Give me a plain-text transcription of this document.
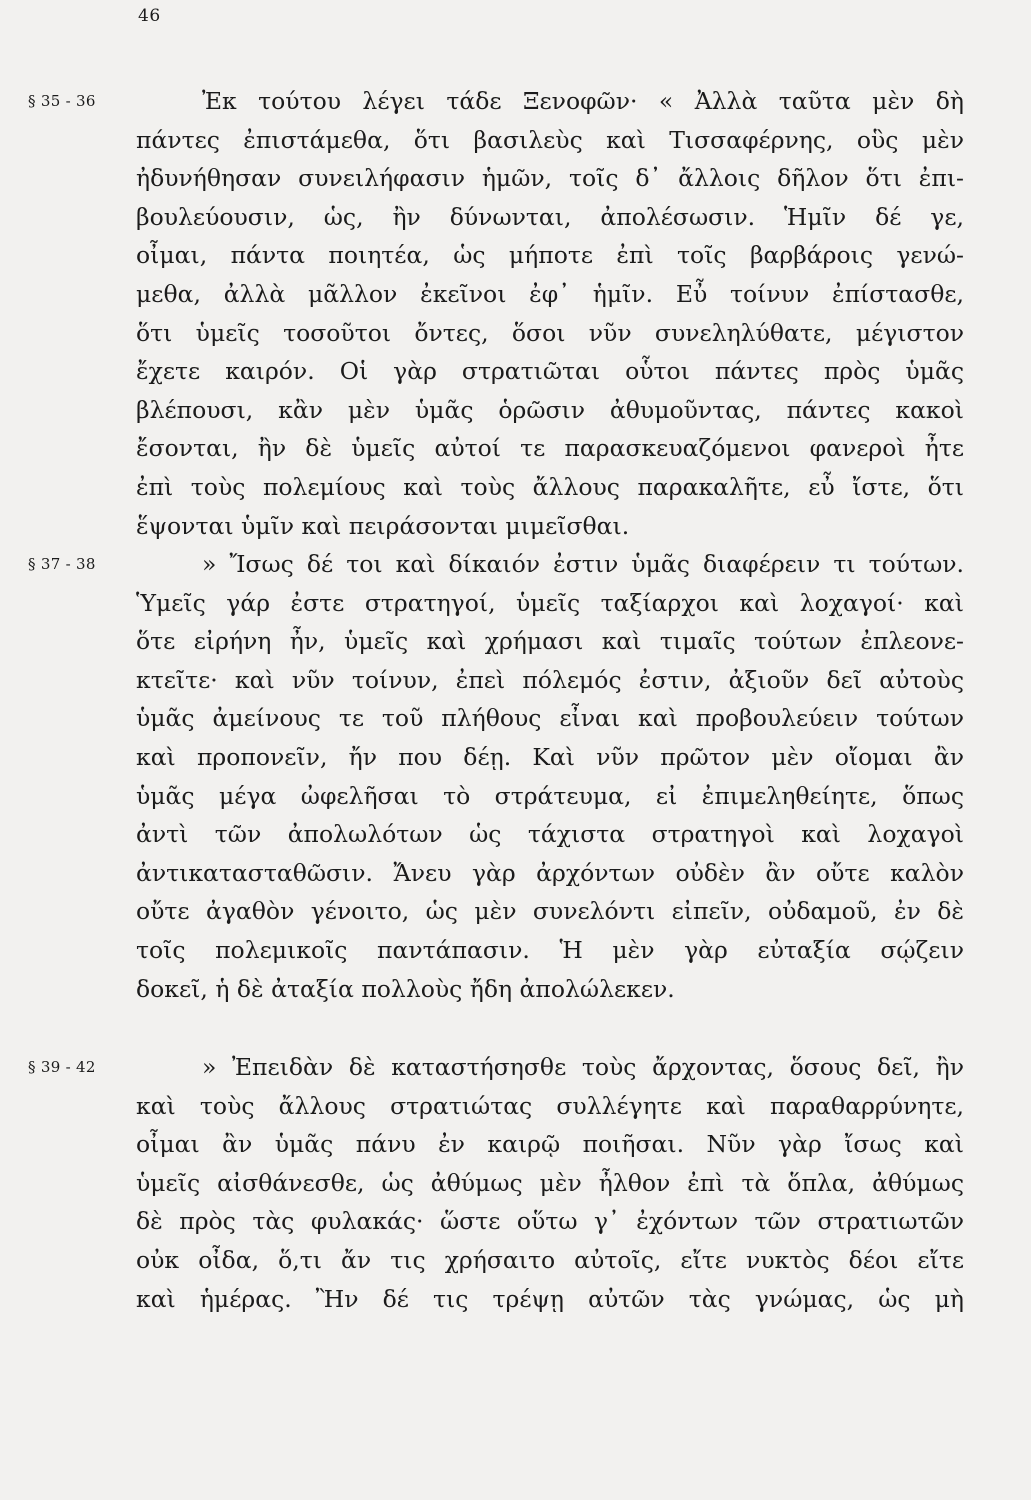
46
§ 35 - 36	Ἐκ τούτου λέγει τάδε Ξενοφῶν· « Ἀλλὰ ταῦτα μὲν δὴ
πάντες ἐπιστάμεθα, ὅτι βασιλεὺς καὶ Τισσαφέρνης, οὓς μὲν
ἠδυνήθησαν συνειλήφασιν ἡμῶν, τοῖς δ᾽ ἄλλοις δῆλον ὅτι ἐπι-
βουλεύουσιν, ὡς, ἢν δύνωνται, ἀπολέσωσιν. Ἡμῖν δέ γε,
οἶμαι, πάντα ποιητέα, ὡς μήποτε ἐπὶ τοῖς βαρβάροις γενώ-
μεθα, ἀλλὰ μᾶλλον ἐκεῖνοι ἐφ᾽ ἡμῖν. Εὖ τοίνυν ἐπίστασθε,
ὅτι ὑμεῖς τοσοῦτοι ὄντες, ὅσοι νῦν συνεληλύθατε, μέγιστον
ἔχετε καιρόν. Οἱ γὰρ στρατιῶται οὗτοι πάντες πρὸς ὑμᾶς
βλέπουσι, κἂν μὲν ὑμᾶς ὁρῶσιν ἀθυμοῦντας, πάντες κακοὶ
ἔσονται, ἢν δὲ ὑμεῖς αὐτοί τε παρασκευαζόμενοι φανεροὶ ἦτε
ἐπὶ τοὺς πολεμίους καὶ τοὺς ἄλλους παρακαλῆτε, εὖ ἴστε, ὅτι
ἕψονται ὑμῖν καὶ πειράσονται μιμεῖσθαι.
§ 37 - 38	» Ἴσως δέ τοι καὶ δίκαιόν ἐστιν ὑμᾶς διαφέρειν τι τούτων.
Ὑμεῖς γάρ ἐστε στρατηγοί, ὑμεῖς ταξίαρχοι καὶ λοχαγοί· καὶ
ὅτε εἰρήνη ἦν, ὑμεῖς καὶ χρήμασι καὶ τιμαῖς τούτων ἐπλεονε-
κτεῖτε· καὶ νῦν τοίνυν, ἐπεὶ πόλεμός ἐστιν, ἀξιοῦν δεῖ αὐτοὺς
ὑμᾶς ἀμείνους τε τοῦ πλήθους εἶναι καὶ προβουλεύειν τούτων
καὶ προπονεῖν, ἤν που δέῃ. Καὶ νῦν πρῶτον μὲν οἴομαι ἂν
ὑμᾶς μέγα ὠφελῆσαι τὸ στράτευμα, εἰ ἐπιμεληθείητε, ὅπως
ἀντὶ τῶν ἀπολωλότων ὡς τάχιστα στρατηγοὶ καὶ λοχαγοὶ
ἀντικατασταθῶσιν. Ἄνευ γὰρ ἀρχόντων οὐδὲν ἂν οὔτε καλὸν
οὔτε ἀγαθὸν γένοιτο, ὡς μὲν συνελόντι εἰπεῖν, οὐδαμοῦ, ἐν δὲ
τοῖς πολεμικοῖς παντάπασιν. Ἡ μὲν γὰρ εὐταξία σῴζειν
δοκεῖ, ἡ δὲ ἀταξία πολλοὺς ἤδη ἀπολώλεκεν.
§ 39 - 42	» Ἐπειδὰν δὲ καταστήσησθε τοὺς ἄρχοντας, ὅσους δεῖ, ἢν
καὶ τοὺς ἄλλους στρατιώτας συλλέγητε καὶ παραθαρρύνητε,
οἶμαι ἂν ὑμᾶς πάνυ ἐν καιρῷ ποιῆσαι. Νῦν γὰρ ἴσως καὶ
ὑμεῖς αἰσθάνεσθε, ὡς ἀθύμως μὲν ἦλθον ἐπὶ τὰ ὅπλα, ἀθύμως
δὲ πρὸς τὰς φυλακάς· ὥστε οὕτω γ᾽ ἐχόντων τῶν στρατιωτῶν
οὐκ οἶδα, ὅ,τι ἄν τις χρήσαιτο αὐτοῖς, εἴτε νυκτὸς δέοι εἴτε
καὶ ἡμέρας. Ἢν δέ τις τρέψῃ αὐτῶν τὰς γνώμας, ὡς μὴ
